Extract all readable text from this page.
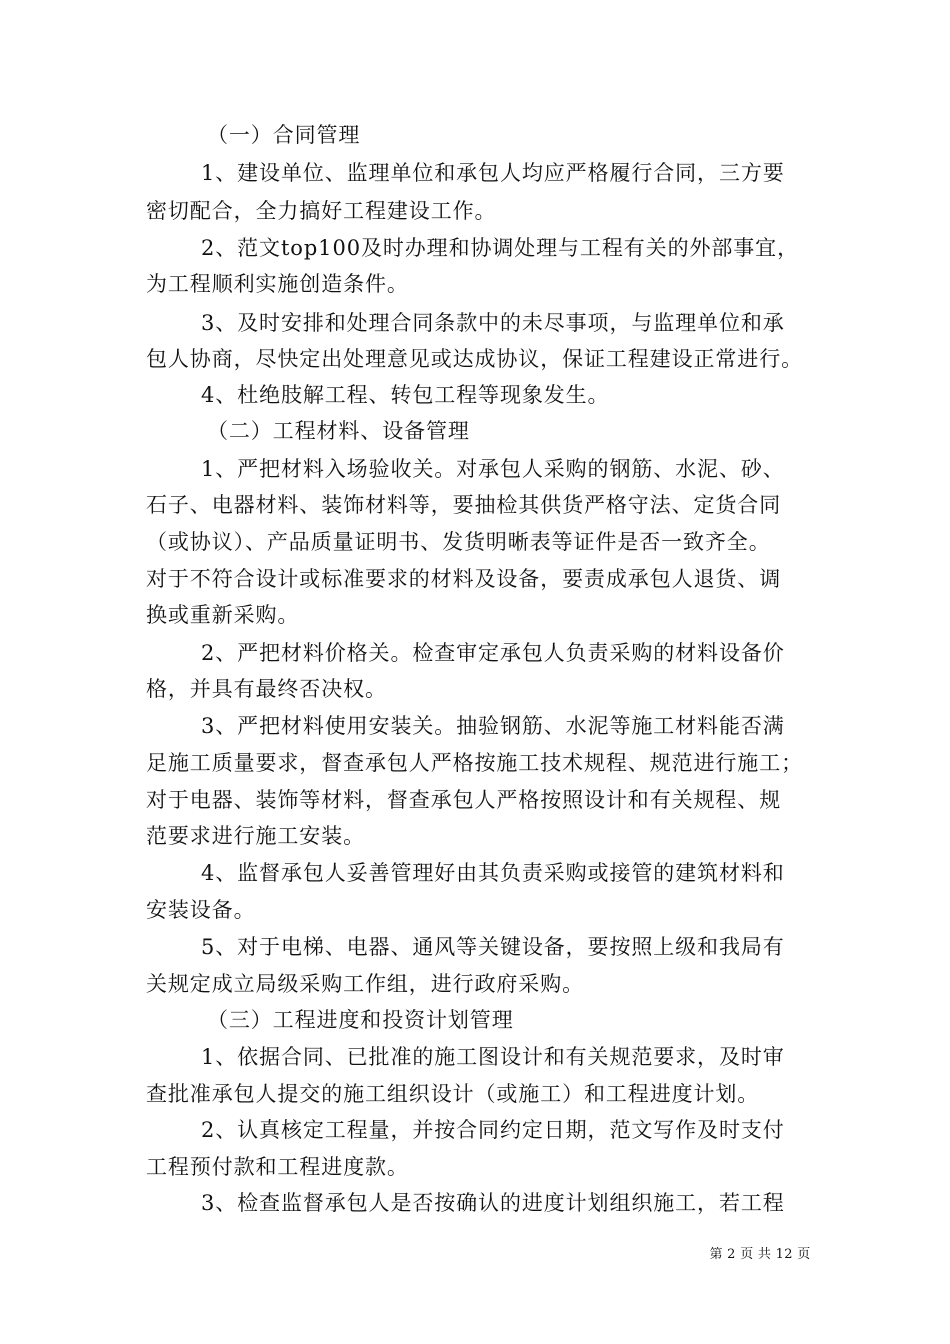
（一）合同管理
1、建设单位、监理单位和承包人均应严格履行合同，三方要
密切配合，全力搞好工程建设工作。
2、范文top100及时办理和协调处理与工程有关的外部事宜，
为工程顺利实施创造条件。
3、及时安排和处理合同条款中的未尽事项，与监理单位和承
包人协商，尽快定出处理意见或达成协议，保证工程建设正常进行。
4、杜绝肢解工程、转包工程等现象发生。
（二）工程材料、设备管理
1、严把材料入场验收关。对承包人采购的钢筋、水泥、砂、
石子、电器材料、装饰材料等，要抽检其供货严格守法、定货合同
（或协议）、产品质量证明书、发货明晰表等证件是否一致齐全。
对于不符合设计或标准要求的材料及设备，要责成承包人退货、调
换或重新采购。
2、严把材料价格关。检查审定承包人负责采购的材料设备价
格，并具有最终否决权。
3、严把材料使用安装关。抽验钢筋、水泥等施工材料能否满
足施工质量要求，督查承包人严格按施工技术规程、规范进行施工；
对于电器、装饰等材料，督查承包人严格按照设计和有关规程、规
范要求进行施工安装。
4、监督承包人妥善管理好由其负责采购或接管的建筑材料和
安装设备。
5、对于电梯、电器、通风等关键设备，要按照上级和我局有
关规定成立局级采购工作组，进行政府采购。
（三）工程进度和投资计划管理
1、依据合同、已批准的施工图设计和有关规范要求，及时审
查批准承包人提交的施工组织设计（或施工）和工程进度计划。
2、认真核定工程量，并按合同约定日期，范文写作及时支付
工程预付款和工程进度款。
3、检查监督承包人是否按确认的进度计划组织施工，若工程
第 2 页 共 12 页
